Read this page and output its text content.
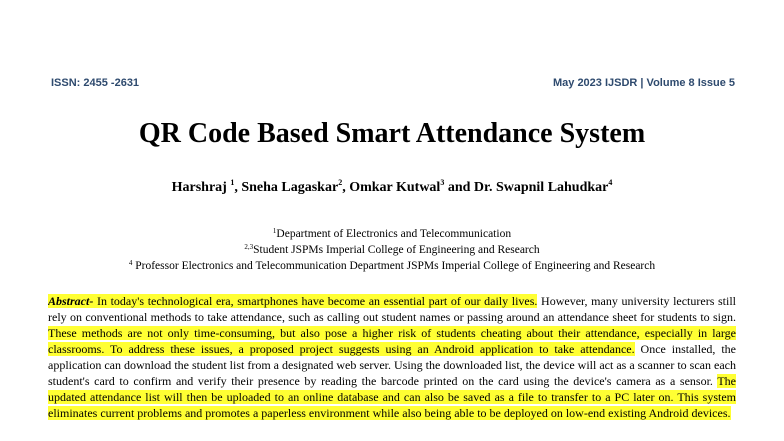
ISSN: 2455 -2631	May 2023 IJSDR | Volume 8 Issue 5
QR Code Based Smart Attendance System
Harshraj $^1$, Sneha Lagaskar$^2$, Omkar Kutwal$^3$ and Dr. Swapnil Lahudkar$^4$
$^1$Department of Electronics and Telecommunication
$^{2,3}$Student JSPMs Imperial College of Engineering and Research
$^4$ Professor Electronics and Telecommunication Department JSPMs Imperial College of Engineering and Research
Abstract- In today's technological era, smartphones have become an essential part of our daily lives. However, many university lecturers still rely on conventional methods to take attendance, such as calling out student names or passing around an attendance sheet for students to sign. These methods are not only time-consuming, but also pose a higher risk of students cheating about their attendance, especially in large classrooms. To address these issues, a proposed project suggests using an Android application to take attendance. Once installed, the application can download the student list from a designated web server. Using the downloaded list, the device will act as a scanner to scan each student's card to confirm and verify their presence by reading the barcode printed on the card using the device's camera as a sensor. The updated attendance list will then be uploaded to an online database and can also be saved as a file to transfer to a PC later on. This system eliminates current problems and promotes a paperless environment while also being able to be deployed on low-end existing Android devices.
